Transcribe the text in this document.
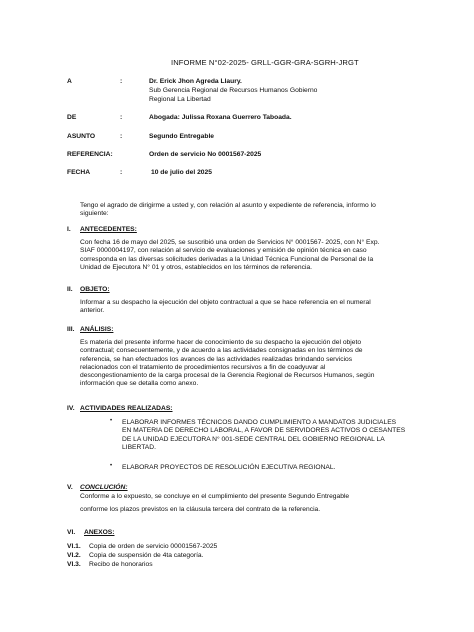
INFORME N°02-2025- GRLL-GGR-GRA-SGRH-JRGT
A	:	Dr. Erick Jhon Agreda Llaury.
Sub Gerencia Regional de Recursos Humanos Gobierno
Regional La Libertad
DE	:	Abogada: Julissa Roxana Guerrero Taboada.
ASUNTO	:	Segundo Entregable
REFERENCIA:	Orden de servicio No 0001567-2025
FECHA	:	10 de julio del 2025
Tengo el agrado de dirigirme a usted y, con relación al asunto y expediente de referencia, informo lo
siguiente:
I. ANTECEDENTES:
Con fecha 16 de mayo del 2025, se suscribió una orden de Servicios N° 0001567- 2025, con N° Exp.
SIAF 0000004197, con relación al servicio de evaluaciones y emisión de opinión técnica en caso
corresponda en las diversas solicitudes derivadas a la Unidad Técnica Funcional de Personal de la
Unidad de Ejecutora N° 01 y otros, establecidos en los términos de referencia.
II. OBJETO:
Informar a su despacho la ejecución del objeto contractual a que se hace referencia en el numeral
anterior.
III. ANÁLISIS:
Es materia del presente informe hacer de conocimiento de su despacho la ejecución del objeto
contractual; consecuentemente, y de acuerdo a las actividades consignadas en los términos de
referencia, se han efectuados los avances de las actividades realizadas brindando servicios
relacionados con el tratamiento de procedimientos recursivos a fin de coadyuvar al
descongestionamiento de la carga procesal de la Gerencia Regional de Recursos Humanos, según
información que se detalla como anexo.
IV. ACTIVIDADES REALIZADAS:
• ELABORAR INFORMES TÉCNICOS DANDO CUMPLIMIENTO A MANDATOS JUDICIALES
EN MATERIA DE DERECHO LABORAL, A FAVOR DE SERVIDORES ACTIVOS O CESANTES
DE LA UNIDAD EJECUTORA N° 001-SEDE CENTRAL DEL GOBIERNO REGIONAL LA
LIBERTAD.
• ELABORAR PROYECTOS DE RESOLUCIÓN EJECUTIVA REGIONAL.
V. CONCLUCIÓN:
Conforme a lo expuesto, se concluye en el cumplimiento del presente Segundo Entregable
conforme los plazos previstos en la cláusula tercera del contrato de la referencia.
VI. ANEXOS:
VI.1. Copia de orden de servicio 00001567-2025
VI.2. Copia de suspensión de 4ta categoría.
VI.3. Recibo de honorarios
